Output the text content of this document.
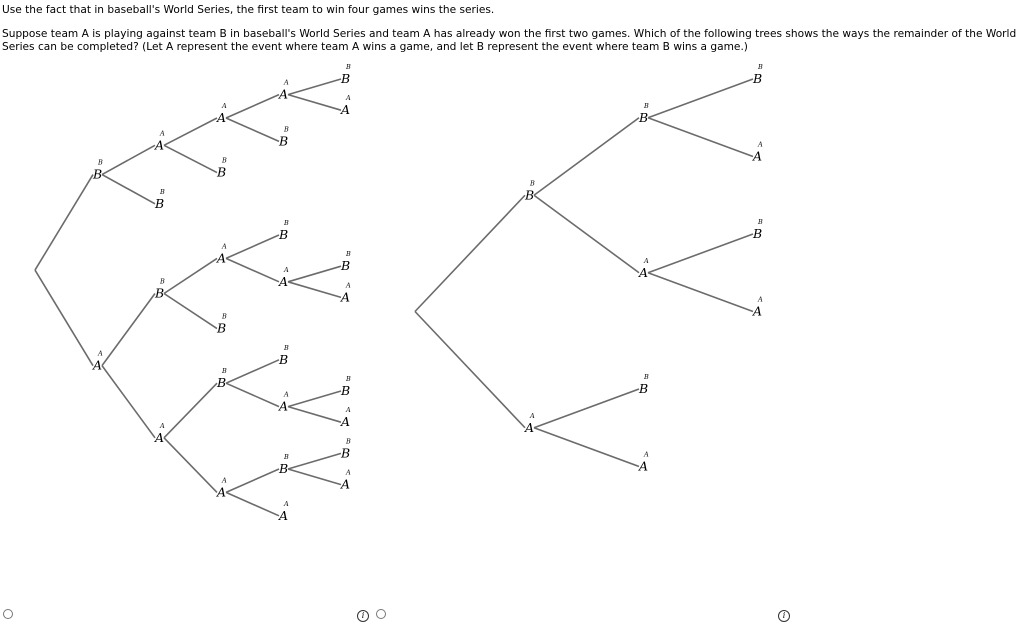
Use the fact that in baseball's World Series, the first team to win four games wins the series.

Suppose team A is playing against team B in baseball's World Series and team A has already won the first two games. Which of the following trees shows the ways the remainder of the World Series can be completed? (Let A represent the event where team A wins a game, and let B represent the event where team B wins a game.)

B
B
A
A
A
A
B
B
A
A
B
B
A
A
B
B
B
B
B
B
B
B
A
A
A
A
A
A
B
B
B
B
B
B
B
B
A
A
A
A
B
B
B
B
A
A
B
B
A
A
A
A
A
A
A
A
B
B
A
A
B
B
B
B
A
A
A
A
B
B
B
B
A
A
A
A
i	i
